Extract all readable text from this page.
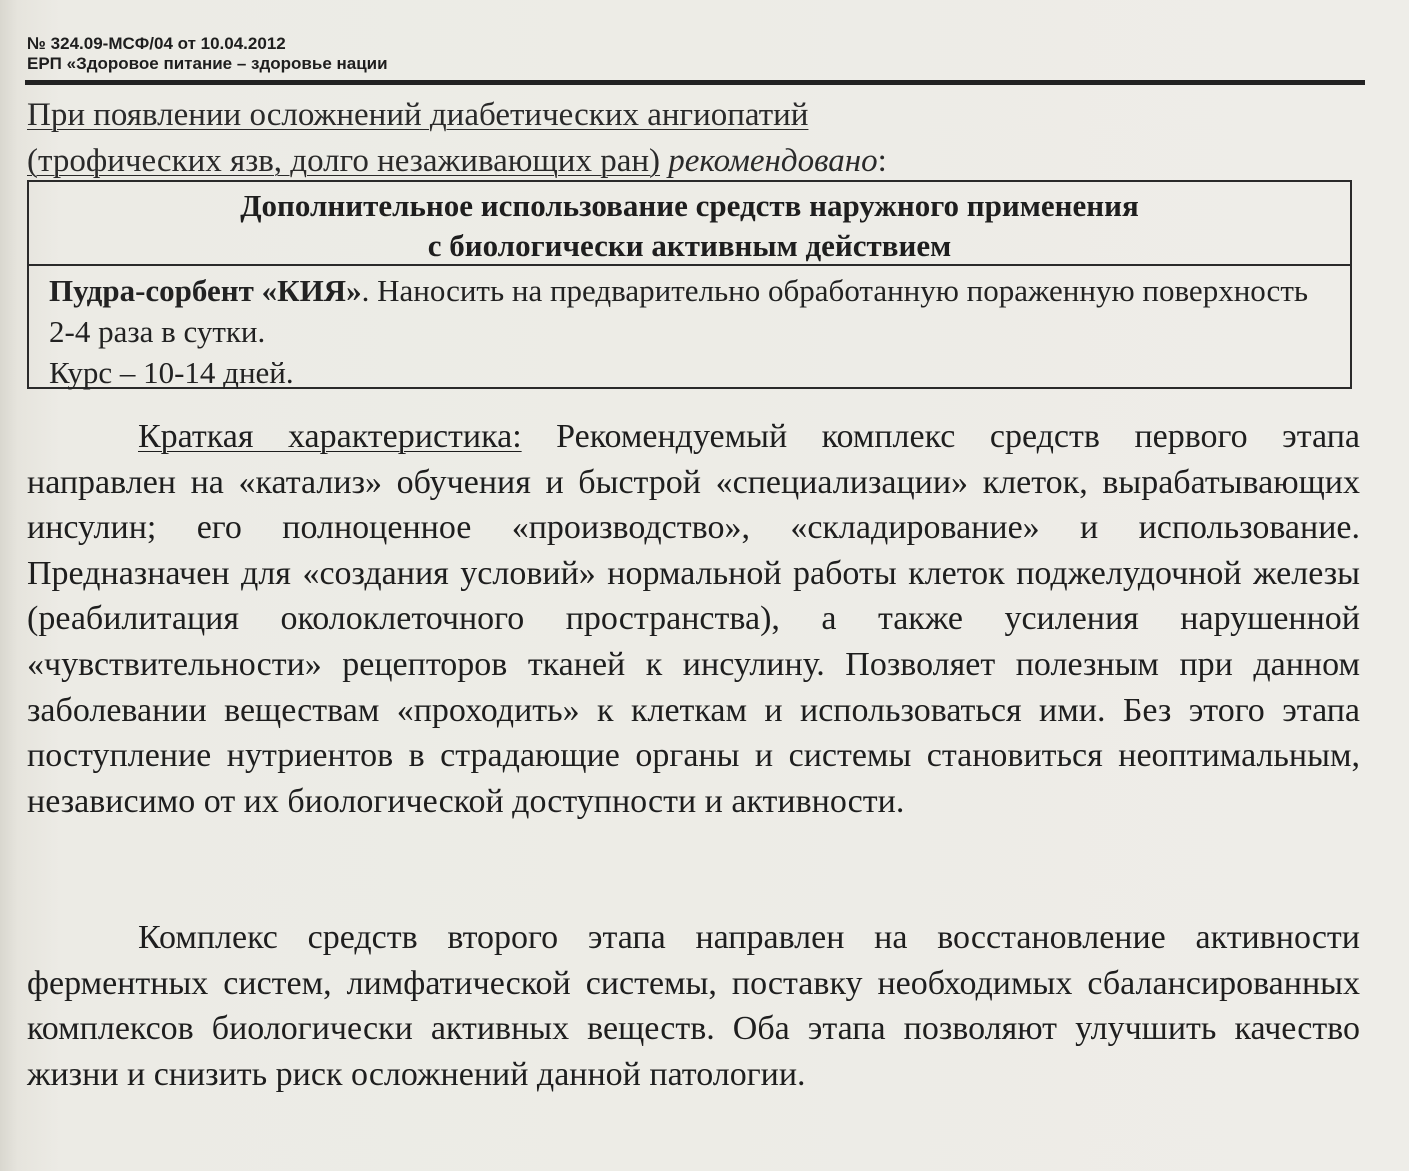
№ 324.09-МСФ/04 от 10.04.2012
ЕРП «Здоровое питание – здоровье нации
При появлении осложнений диабетических ангиопатий
(трофических язв, долго незаживающих ран) рекомендовано:
Дополнительное использование средств наружного применения
с биологически активным действием
Пудра-сорбент «КИЯ». Наносить на предварительно обработанную пораженную поверхность 2-4 раза в сутки.
Курс – 10-14 дней.
Краткая характеристика: Рекомендуемый комплекс средств первого этапа направлен на «катализ» обучения и быстрой «специализации» клеток, вырабатывающих инсулин; его полноценное «производство», «складирование» и использование. Предназначен для «создания условий» нормальной работы клеток поджелудочной железы (реабилитация околоклеточного пространства), а также усиления нарушенной «чувствительности» рецепторов тканей к инсулину. Позволяет полезным при данном заболевании веществам «проходить» к клеткам и использоваться ими. Без этого этапа поступление нутриентов в страдающие органы и системы становиться неоптимальным, независимо от их биологической доступности и активности.
Комплекс средств второго этапа направлен на восстановление активности ферментных систем, лимфатической системы, поставку необходимых сбалансированных комплексов биологически активных веществ. Оба этапа позволяют улучшить качество жизни и снизить риск осложнений данной патологии.
